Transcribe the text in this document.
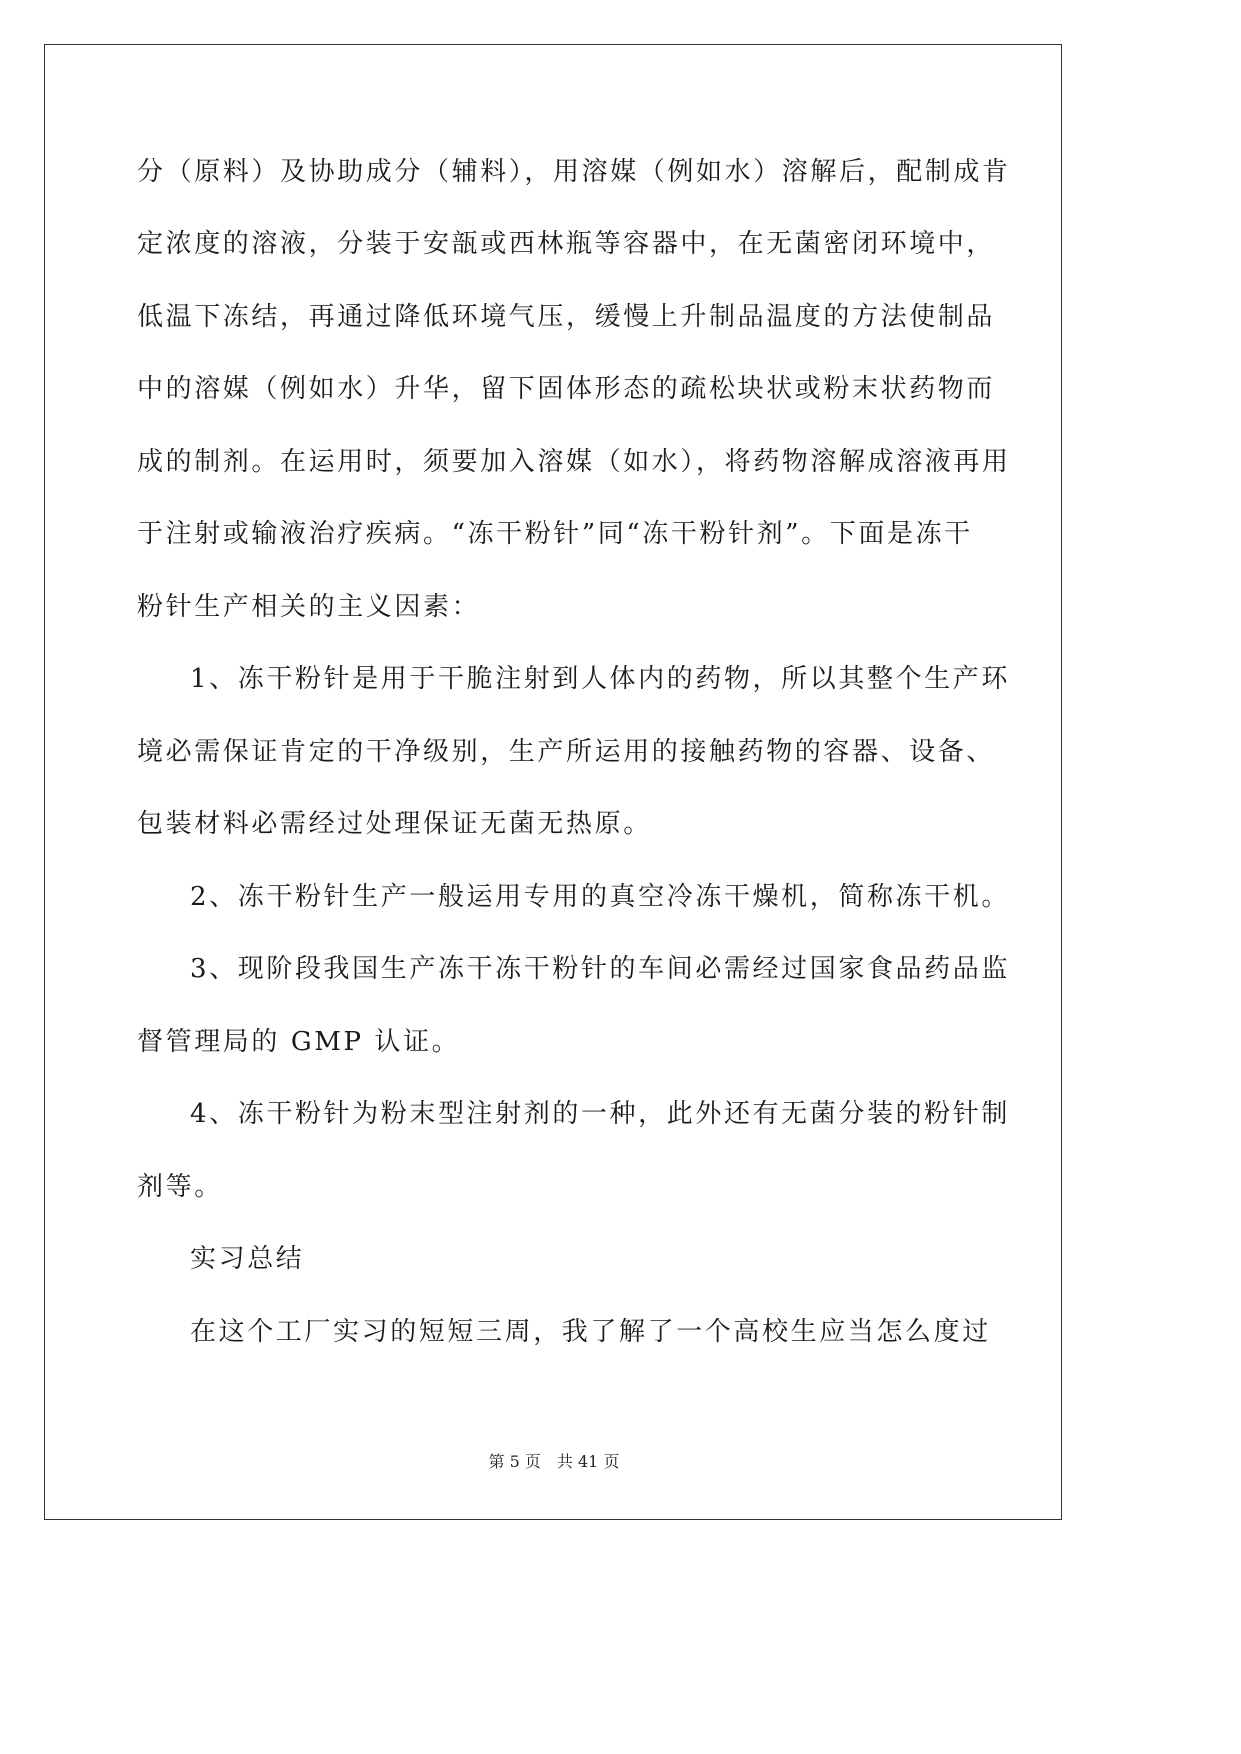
分（原料）及协助成分（辅料），用溶媒（例如水）溶解后，配制成肯
定浓度的溶液，分装于安瓿或西林瓶等容器中，在无菌密闭环境中，
低温下冻结，再通过降低环境气压，缓慢上升制品温度的方法使制品
中的溶媒（例如水）升华，留下固体形态的疏松块状或粉末状药物而
成的制剂。在运用时，须要加入溶媒（如水），将药物溶解成溶液再用
于注射或输液治疗疾病。“冻干粉针”同“冻干粉针剂”。下面是冻干
粉针生产相关的主义因素：
1、冻干粉针是用于干脆注射到人体内的药物，所以其整个生产环
境必需保证肯定的干净级别，生产所运用的接触药物的容器、设备、
包装材料必需经过处理保证无菌无热原。
2、冻干粉针生产一般运用专用的真空冷冻干燥机，简称冻干机。
3、现阶段我国生产冻干冻干粉针的车间必需经过国家食品药品监
督管理局的 GMP 认证。
4、冻干粉针为粉末型注射剂的一种，此外还有无菌分装的粉针制
剂等。
实习总结
在这个工厂实习的短短三周，我了解了一个高校生应当怎么度过
第 5 页 共 41 页
